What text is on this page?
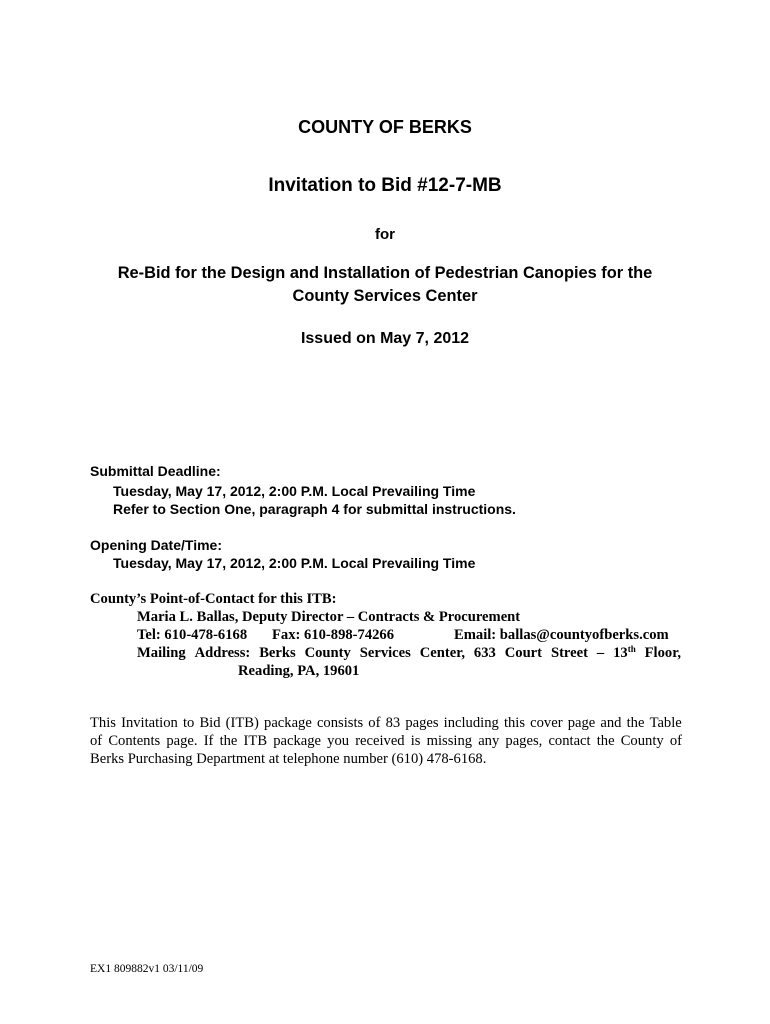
COUNTY OF BERKS
Invitation to Bid #12-7-MB
for
Re-Bid for the Design and Installation of Pedestrian Canopies for the
County Services Center
Issued on May 7, 2012
Submittal Deadline:
Tuesday, May 17, 2012, 2:00 P.M. Local Prevailing Time
Refer to Section One, paragraph 4 for submittal instructions.
Opening Date/Time:
Tuesday, May 17, 2012, 2:00 P.M. Local Prevailing Time
County’s Point-of-Contact for this ITB:
Maria L. Ballas, Deputy Director – Contracts & Procurement
Tel: 610-478-6168 Fax: 610-898-74266	Email: ballas@countyofberks.com
Mailing Address: Berks County Services Center, 633 Court Street – 13th Floor,
Reading, PA, 19601
This Invitation to Bid (ITB) package consists of 83 pages including this cover page and the Table
of Contents page. If the ITB package you received is missing any pages, contact the County of
Berks Purchasing Department at telephone number (610) 478-6168.
EX1 809882v1 03/11/09
